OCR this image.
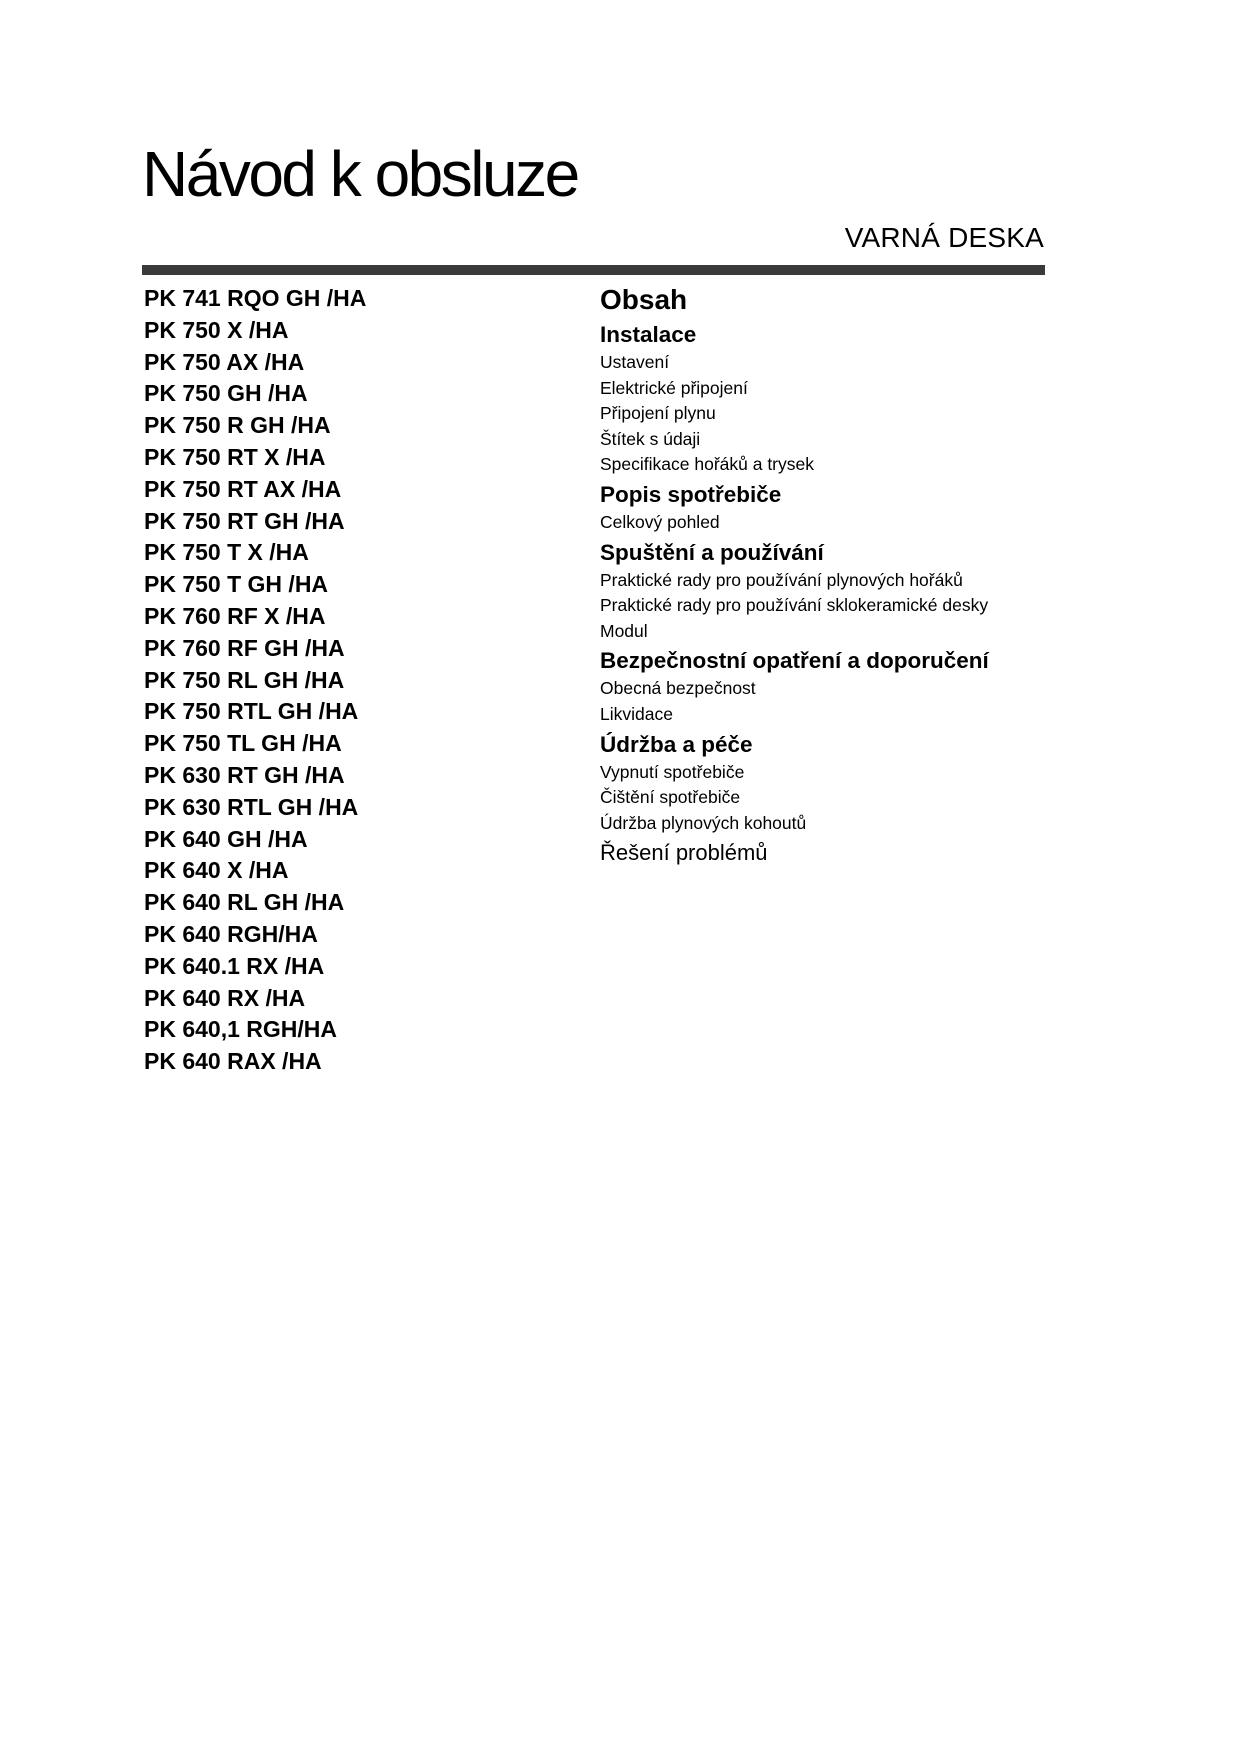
Návod k obsluze
VARNÁ DESKA
PK 741 RQO GH /HA
PK 750 X /HA
PK 750 AX /HA
PK 750 GH /HA
PK 750 R GH /HA
PK 750 RT X /HA
PK 750 RT AX /HA
PK 750 RT GH /HA
PK 750 T X /HA
PK 750 T GH /HA
PK 760 RF X /HA
PK 760 RF GH /HA
PK 750 RL GH /HA
PK 750 RTL GH /HA
PK 750 TL GH /HA
PK 630 RT GH /HA
PK 630 RTL GH /HA
PK 640 GH /HA
PK 640 X /HA
PK 640 RL GH /HA
PK 640 RGH/HA
PK 640.1 RX /HA
PK 640 RX /HA
PK 640,1 RGH/HA
PK 640 RAX /HA
Obsah
Instalace
Ustavení
Elektrické připojení
Připojení plynu
Štítek s údaji
Specifikace hořáků a trysek
Popis spotřebiče
Celkový pohled
Spuštění a používání
Praktické rady pro používání plynových hořáků
Praktické rady pro používání sklokeramické desky
Modul
Bezpečnostní opatření a doporučení
Obecná bezpečnost
Likvidace
Údržba a péče
Vypnutí spotřebiče
Čištění spotřebiče
Údržba plynových kohoutů
Řešení problémů
